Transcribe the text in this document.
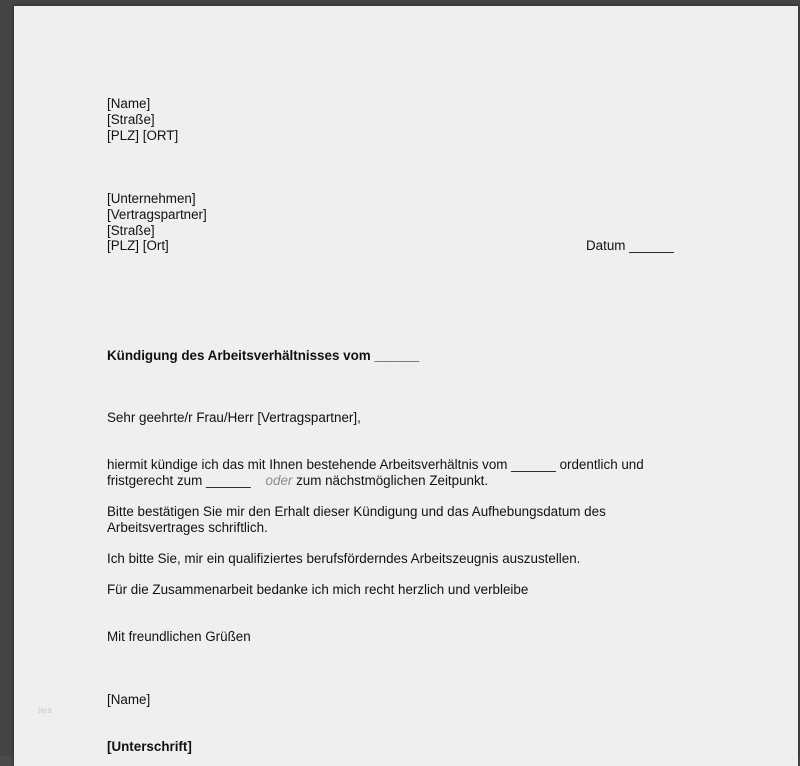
[Name]
[Straße]
[PLZ] [ORT]
[Unternehmen]
[Vertragspartner]
[Straße]
[PLZ] [Ort]	Datum ______
Kündigung des Arbeitsverhältnisses vom ______
Sehr geehrte/r Frau/Herr [Vertragspartner],
hiermit kündige ich das mit Ihnen bestehende Arbeitsverhältnis vom ______ ordentlich und
fristgerecht zum ______ oder zum nächstmöglichen Zeitpunkt.
Bitte bestätigen Sie mir den Erhalt dieser Kündigung und das Aufhebungsdatum des
Arbeitsvertrages schriftlich.
Ich bitte Sie, mir ein qualifiziertes berufsförderndes Arbeitszeugnis auszustellen.
Für die Zusammenarbeit bedanke ich mich recht herzlich und verbleibe
Mit freundlichen Grüßen
[Name]
[Unterschrift]
tera
